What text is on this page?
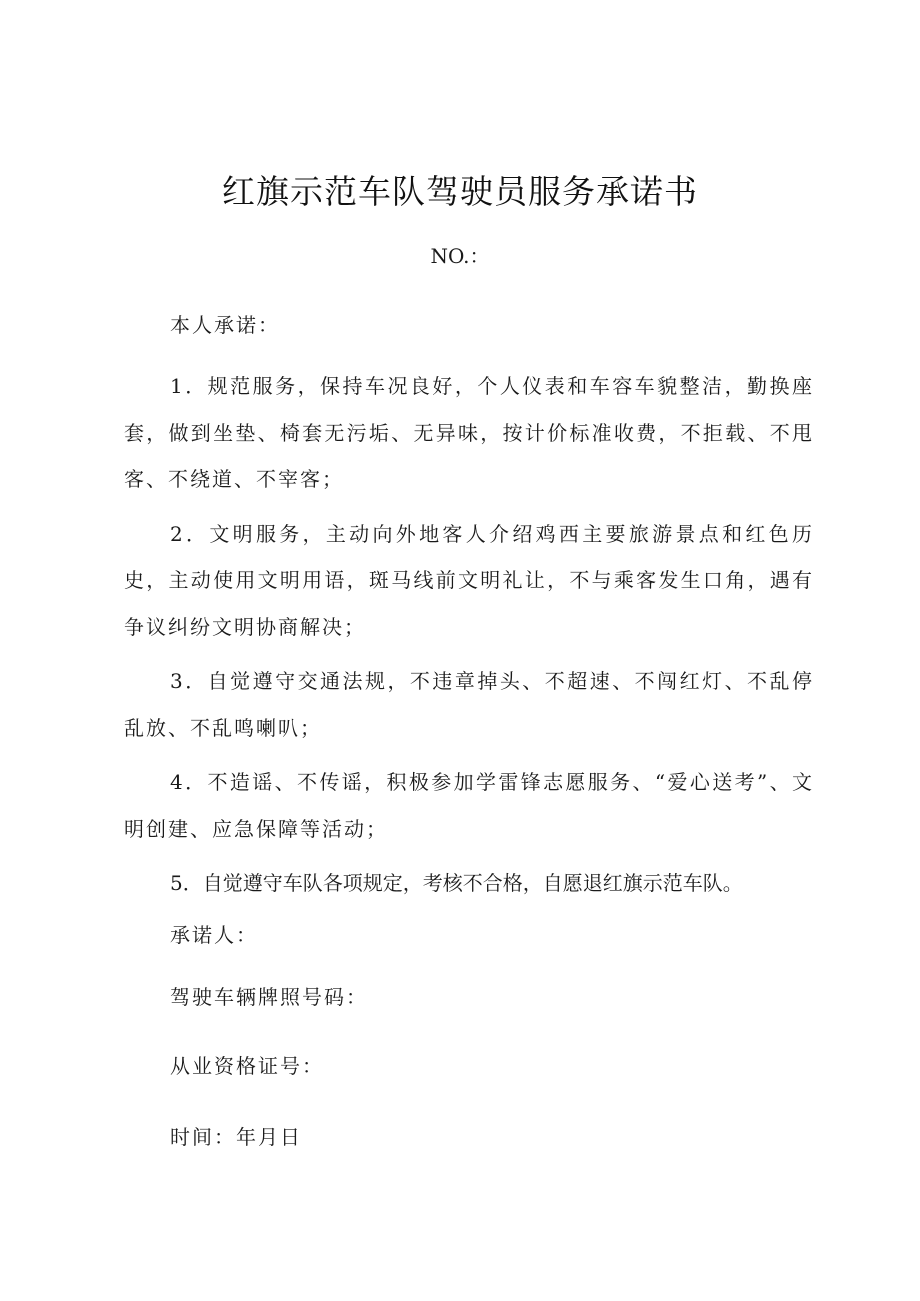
红旗示范车队驾驶员服务承诺书
NO.：
本人承诺：

1．规范服务，保持车况良好，个人仪表和车容车貌整洁，勤换座套，做到坐垫、椅套无污垢、无异味，按计价标准收费，不拒载、不甩客、不绕道、不宰客；

2．文明服务，主动向外地客人介绍鸡西主要旅游景点和红色历史，主动使用文明用语，斑马线前文明礼让，不与乘客发生口角，遇有争议纠纷文明协商解决；

3．自觉遵守交通法规，不违章掉头、不超速、不闯红灯、不乱停乱放、不乱鸣喇叭；

4．不造谣、不传谣，积极参加学雷锋志愿服务、“爱心送考”、文明创建、应急保障等活动；

5．自觉遵守车队各项规定，考核不合格，自愿退红旗示范车队。

承诺人：
驾驶车辆牌照号码：
从业资格证号：
时间：年月日
